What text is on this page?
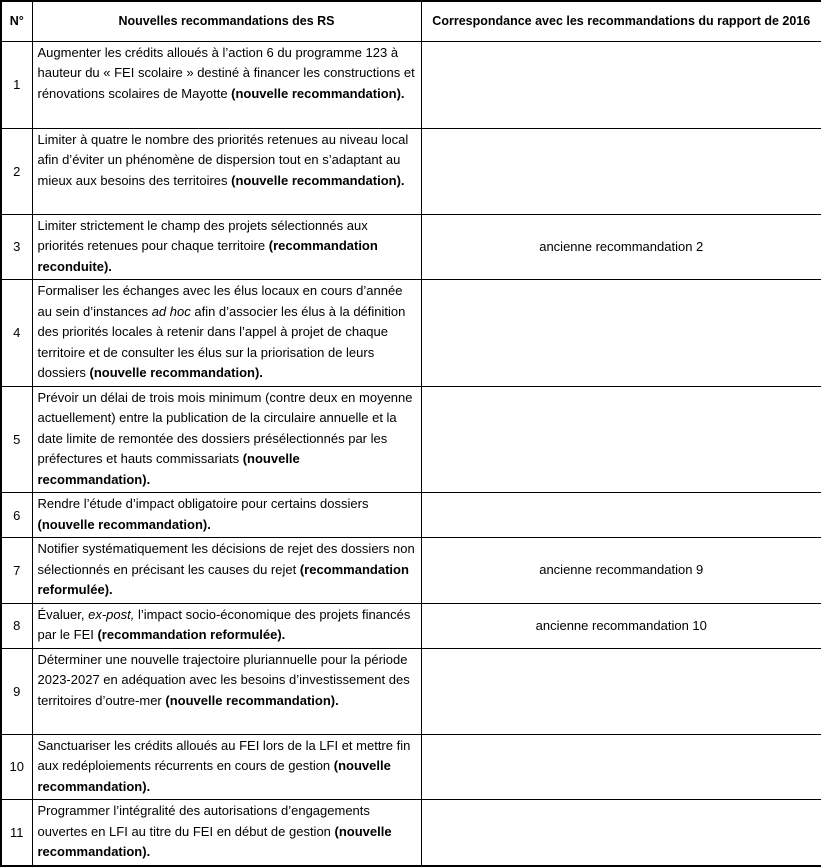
N°	Nouvelles recommandations des RS	Correspondance avec les recommandations du rapport de 2016
1	Augmenter les crédits alloués à l’action 6 du programme 123 à hauteur du « FEI scolaire » destiné à financer les constructions et rénovations scolaires de Mayotte (nouvelle recommandation).	
2	Limiter à quatre le nombre des priorités retenues au niveau local afin d’éviter un phénomène de dispersion tout en s’adaptant au mieux aux besoins des territoires (nouvelle recommandation).	
3	Limiter strictement le champ des projets sélectionnés aux priorités retenues pour chaque territoire (recommandation reconduite).	ancienne recommandation 2
4	Formaliser les échanges avec les élus locaux en cours d’année au sein d’instances ad hoc afin d’associer les élus à la définition des priorités locales à retenir dans l’appel à projet de chaque territoire et de consulter les élus sur la priorisation de leurs dossiers (nouvelle recommandation).	
5	Prévoir un délai de trois mois minimum (contre deux en moyenne actuellement) entre la publication de la circulaire annuelle et la date limite de remontée des dossiers présélectionnés par les préfectures et hauts commissariats (nouvelle recommandation).	
6	Rendre l’étude d’impact obligatoire pour certains dossiers (nouvelle recommandation).	
7	Notifier systématiquement les décisions de rejet des dossiers non sélectionnés en précisant les causes du rejet (recommandation reformulée).	ancienne recommandation 9
8	Évaluer, ex-post, l’impact socio-économique des projets financés par le FEI (recommandation reformulée).	ancienne recommandation 10
9	Déterminer une nouvelle trajectoire pluriannuelle pour la période 2023-2027 en adéquation avec les besoins d’investissement des territoires d’outre-mer (nouvelle recommandation).	
10	Sanctuariser les crédits alloués au FEI lors de la LFI et mettre fin aux redéploiements récurrents en cours de gestion (nouvelle recommandation).	
11	Programmer l’intégralité des autorisations d’engagements ouvertes en LFI au titre du FEI en début de gestion (nouvelle recommandation).	
